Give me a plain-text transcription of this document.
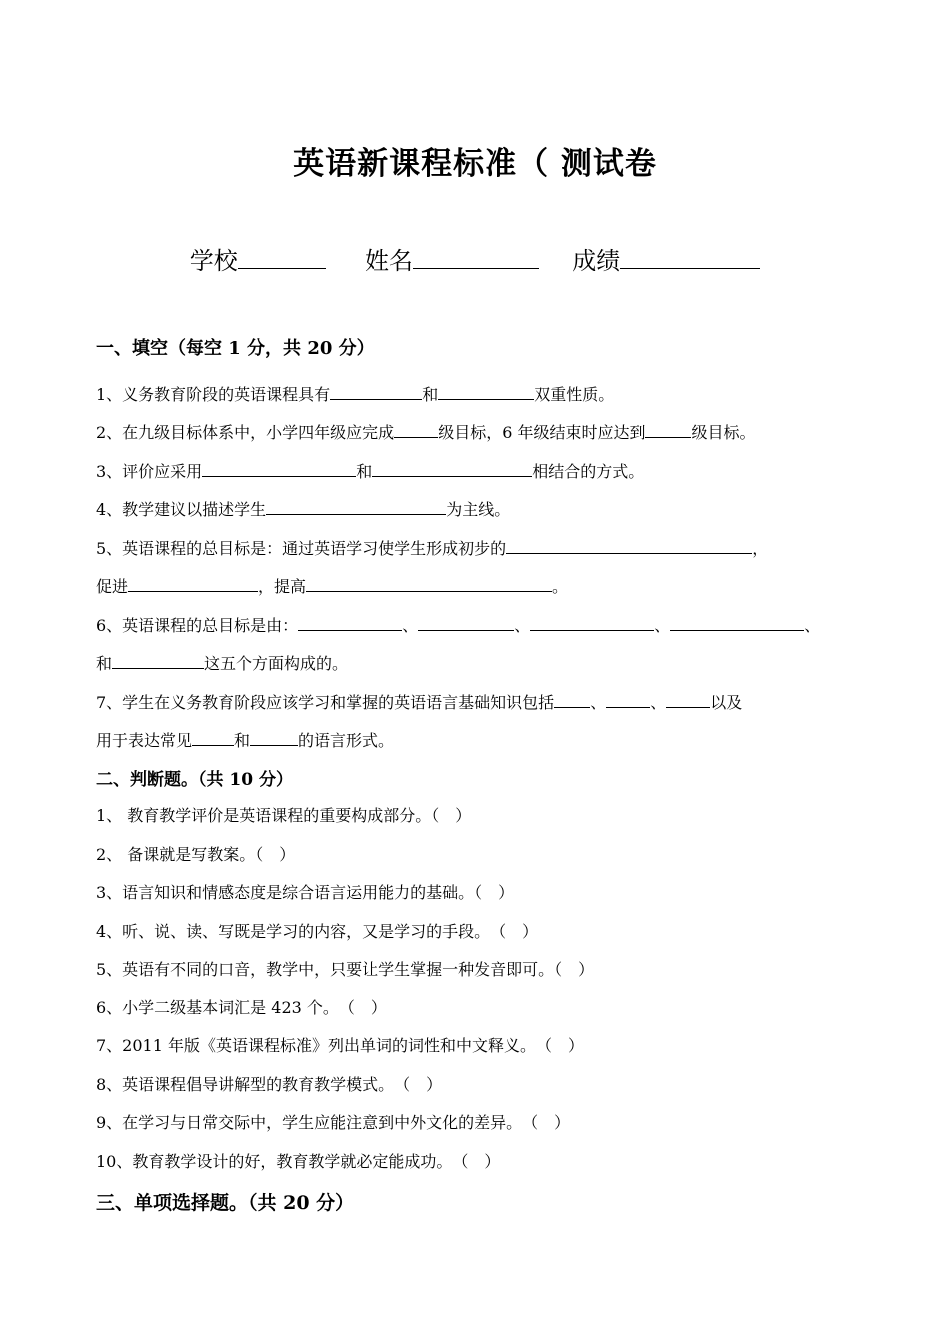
英语新课程标准（ 测试卷
学校	姓名	成绩
一、填空（每空 1 分，共 20 分）
1、义务教育阶段的英语课程具有	和	双重性质。
2、在九级目标体系中，小学四年级应完成	级目标，6 年级结束时应达到	级目标。
3、评价应采用	和	相结合的方式。
4、教学建议以描述学生	为主线。
5、英语课程的总目标是：通过英语学习使学生形成初步的	，
促进	，提高	。
6、英语课程的总目标是由：	、	、	、	、
和	这五个方面构成的。
7、学生在义务教育阶段应该学习和掌握的英语语言基础知识包括 、	、	以及
用于表达常见	和	的语言形式。
二、判断题。（共 10 分）
1、 教育教学评价是英语课程的重要构成部分。（　）
2、 备课就是写教案。（　）
3、语言知识和情感态度是综合语言运用能力的基础。（　）
4、听、说、读、写既是学习的内容，又是学习的手段。　（　）
5、英语有不同的口音，教学中，只要让学生掌握一种发音即可。（　）
6、小学二级基本词汇是 423 个。　（　）
7、2011 年版《英语课程标准》列出单词的词性和中文释义。　（　）
8、英语课程倡导讲解型的教育教学模式。　（　）
9、在学习与日常交际中，学生应能注意到中外文化的差异。　（　）
10、教育教学设计的好，教育教学就必定能成功。　（　）
三、单项选择题。（共 20 分）
